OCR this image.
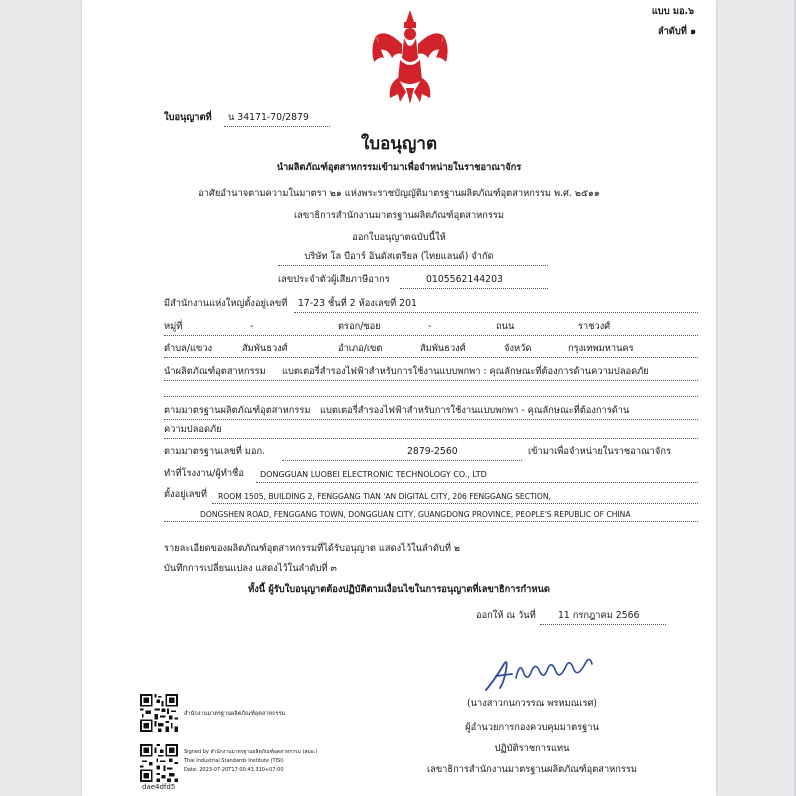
แบบ มอ.๖
ลำดับที่ ๑
ใบอนุญาตที่ น 34171-70/2879
ใบอนุญาต
นำผลิตภัณฑ์อุตสาหกรรมเข้ามาเพื่อจำหน่ายในราชอาณาจักร
อาศัยอำนาจตามความในมาตรา ๒๑ แห่งพระราชบัญญัติมาตรฐานผลิตภัณฑ์อุตสาหกรรม พ.ศ. ๒๕๑๑
เลขาธิการสำนักงานมาตรฐานผลิตภัณฑ์อุตสาหกรรม
ออกใบอนุญาตฉบับนี้ให้
บริษัท โล บีอาร์ อินดัสเตรียล (ไทยแลนด์) จำกัด
เลขประจำตัวผู้เสียภาษีอากร	0105562144203
มีสำนักงานแห่งใหญ่ตั้งอยู่เลขที่ 17-23 ชั้นที่ 2 ห้องเลขที่ 201
หมู่ที่	-	ตรอก/ซอย	-	ถนน	ราชวงศ์
ตำบล/แขวง	สัมพันธวงศ์	อำเภอ/เขต	สัมพันธวงศ์	จังหวัด	กรุงเทพมหานคร
นำผลิตภัณฑ์อุตสาหกรรม แบตเตอรี่สำรองไฟฟ้าสำหรับการใช้งานแบบพกพา : คุณลักษณะที่ต้องการด้านความปลอดภัย
ตามมาตรฐานผลิตภัณฑ์อุตสาหกรรม แบตเตอรี่สำรองไฟฟ้าสำหรับการใช้งานแบบพกพา - คุณลักษณะที่ต้องการด้าน
ความปลอดภัย
ตามมาตรฐานเลขที่ มอก.	2879-2560	เข้ามาเพื่อจำหน่ายในราชอาณาจักร
ทำที่โรงงาน/ผู้ทำชื่อ DONGGUAN LUOBEI ELECTRONIC TECHNOLOGY CO., LTD
ตั้งอยู่เลขที่ ROOM 1505, BUILDING 2, FENGGANG TIAN 'AN DIGITAL CITY, 206 FENGGANG SECTION,
DONGSHEN ROAD, FENGGANG TOWN, DONGGUAN CITY, GUANGDONG PROVINCE, PEOPLE'S REPUBLIC OF CHINA
รายละเอียดของผลิตภัณฑ์อุตสาหกรรมที่ได้รับอนุญาต แสดงไว้ในลำดับที่ ๒
บันทึกการเปลี่ยนแปลง แสดงไว้ในลำดับที่ ๓
ทั้งนี้ ผู้รับใบอนุญาตต้องปฏิบัติตามเงื่อนไขในการอนุญาตที่เลขาธิการกำหนด
ออกให้ ณ วันที่ 11 กรกฎาคม 2566
(นางสาวกนกวรรณ พรหมณเรศ)
ผู้อำนวยการกองควบคุมมาตรฐาน
ปฏิบัติราชการแทน
เลขาธิการสำนักงานมาตรฐานผลิตภัณฑ์อุตสาหกรรม
สำนักงานมาตรฐานผลิตภัณฑ์อุตสาหกรรม
Signed by สำนักงานมาตรฐานผลิตภัณฑ์อุตสาหกรรม (สมอ.)
Thai Industrial Standards Institute (TISI)
Date: 2023-07-20T17:00:43.310+07:00
dae4dfd5
